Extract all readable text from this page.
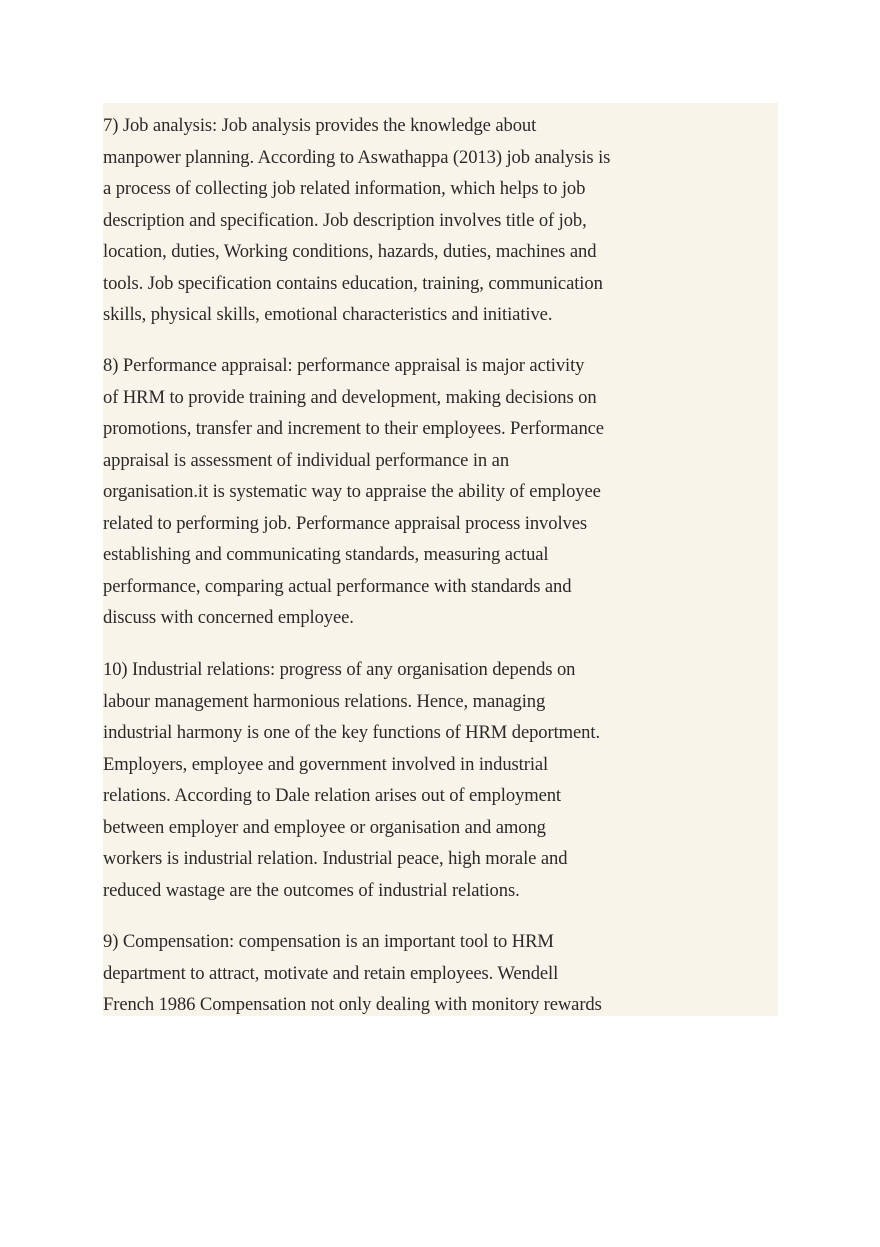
7) Job analysis: Job analysis provides the knowledge about
manpower planning. According to Aswathappa (2013) job analysis is
a process of collecting job related information, which helps to job
description and specification. Job description involves title of job,
location, duties, Working conditions, hazards, duties, machines and
tools. Job specification contains education, training, communication
skills, physical skills, emotional characteristics and initiative.

8) Performance appraisal: performance appraisal is major activity
of HRM to provide training and development, making decisions on
promotions, transfer and increment to their employees. Performance
appraisal is assessment of individual performance in an
organisation.it is systematic way to appraise the ability of employee
related to performing job. Performance appraisal process involves
establishing and communicating standards, measuring actual
performance, comparing actual performance with standards and
discuss with concerned employee.

10) Industrial relations: progress of any organisation depends on
labour management harmonious relations. Hence, managing
industrial harmony is one of the key functions of HRM deportment.
Employers, employee and government involved in industrial
relations. According to Dale relation arises out of employment
between employer and employee or organisation and among
workers is industrial relation. Industrial peace, high morale and
reduced wastage are the outcomes of industrial relations.

9) Compensation: compensation is an important tool to HRM
department to attract, motivate and retain employees. Wendell
French 1986 Compensation not only dealing with monitory rewards
